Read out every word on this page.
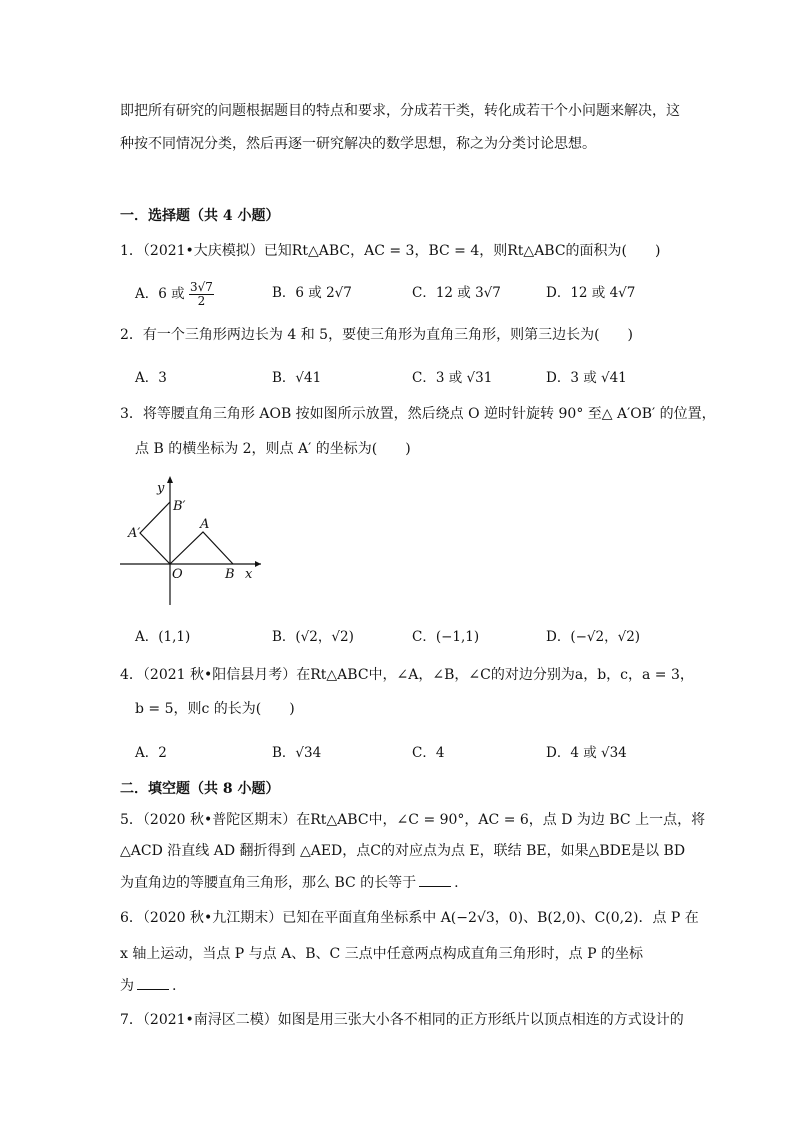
即把所有研究的问题根据题目的特点和要求，分成若干类，转化成若干个小问题来解决，这
种按不同情况分类，然后再逐一研究解决的数学思想，称之为分类讨论思想。
一．选择题（共 4 小题）
1．（2021•大庆模拟）已知Rt△ABC，AC = 3，BC = 4，则Rt△ABC的面积为(　　)
A．6 或 $\frac{3√7}{2}$	B．6 或 2√7	C．12 或 3√7	D．12 或 4√7
2．有一个三角形两边长为 4 和 5，要使三角形为直角三角形，则第三边长为(　　)
A．3	B．√41	C．3 或 √31	D．3 或 √41
3．将等腰直角三角形 AOB 按如图所示放置，然后绕点 O 逆时针旋转 90° 至△ A′OB′ 的位置，
点 B 的横坐标为 2，则点 A′ 的坐标为(　　)
y
x
O
A
B
A′
B′
A．(1,1)	B．(√2，√2)	C．(−1,1)	D．(−√2，√2)
4．（2021 秋•阳信县月考）在Rt△ABC中，∠A，∠B，∠C的对边分别为a，b，c，a = 3，
b = 5，则c 的长为(　　)
A．2	B．√34	C．4	D．4 或 √34
二．填空题（共 8 小题）
5．（2020 秋•普陀区期末）在Rt△ABC中，∠C = 90°，AC = 6，点 D 为边 BC 上一点，将
△ACD 沿直线 AD 翻折得到 △AED，点C的对应点为点 E，联结 BE，如果△BDE是以 BD
为直角边的等腰直角三角形，那么 BC 的长等于	.
6．（2020 秋•九江期末）已知在平面直角坐标系中 A(−2√3，0)、B(2,0)、C(0,2)．点 P 在
x 轴上运动，当点 P 与点 A、B、C 三点中任意两点构成直角三角形时，点 P 的坐标
为	.
7．（2021•南浔区二模）如图是用三张大小各不相同的正方形纸片以顶点相连的方式设计的
